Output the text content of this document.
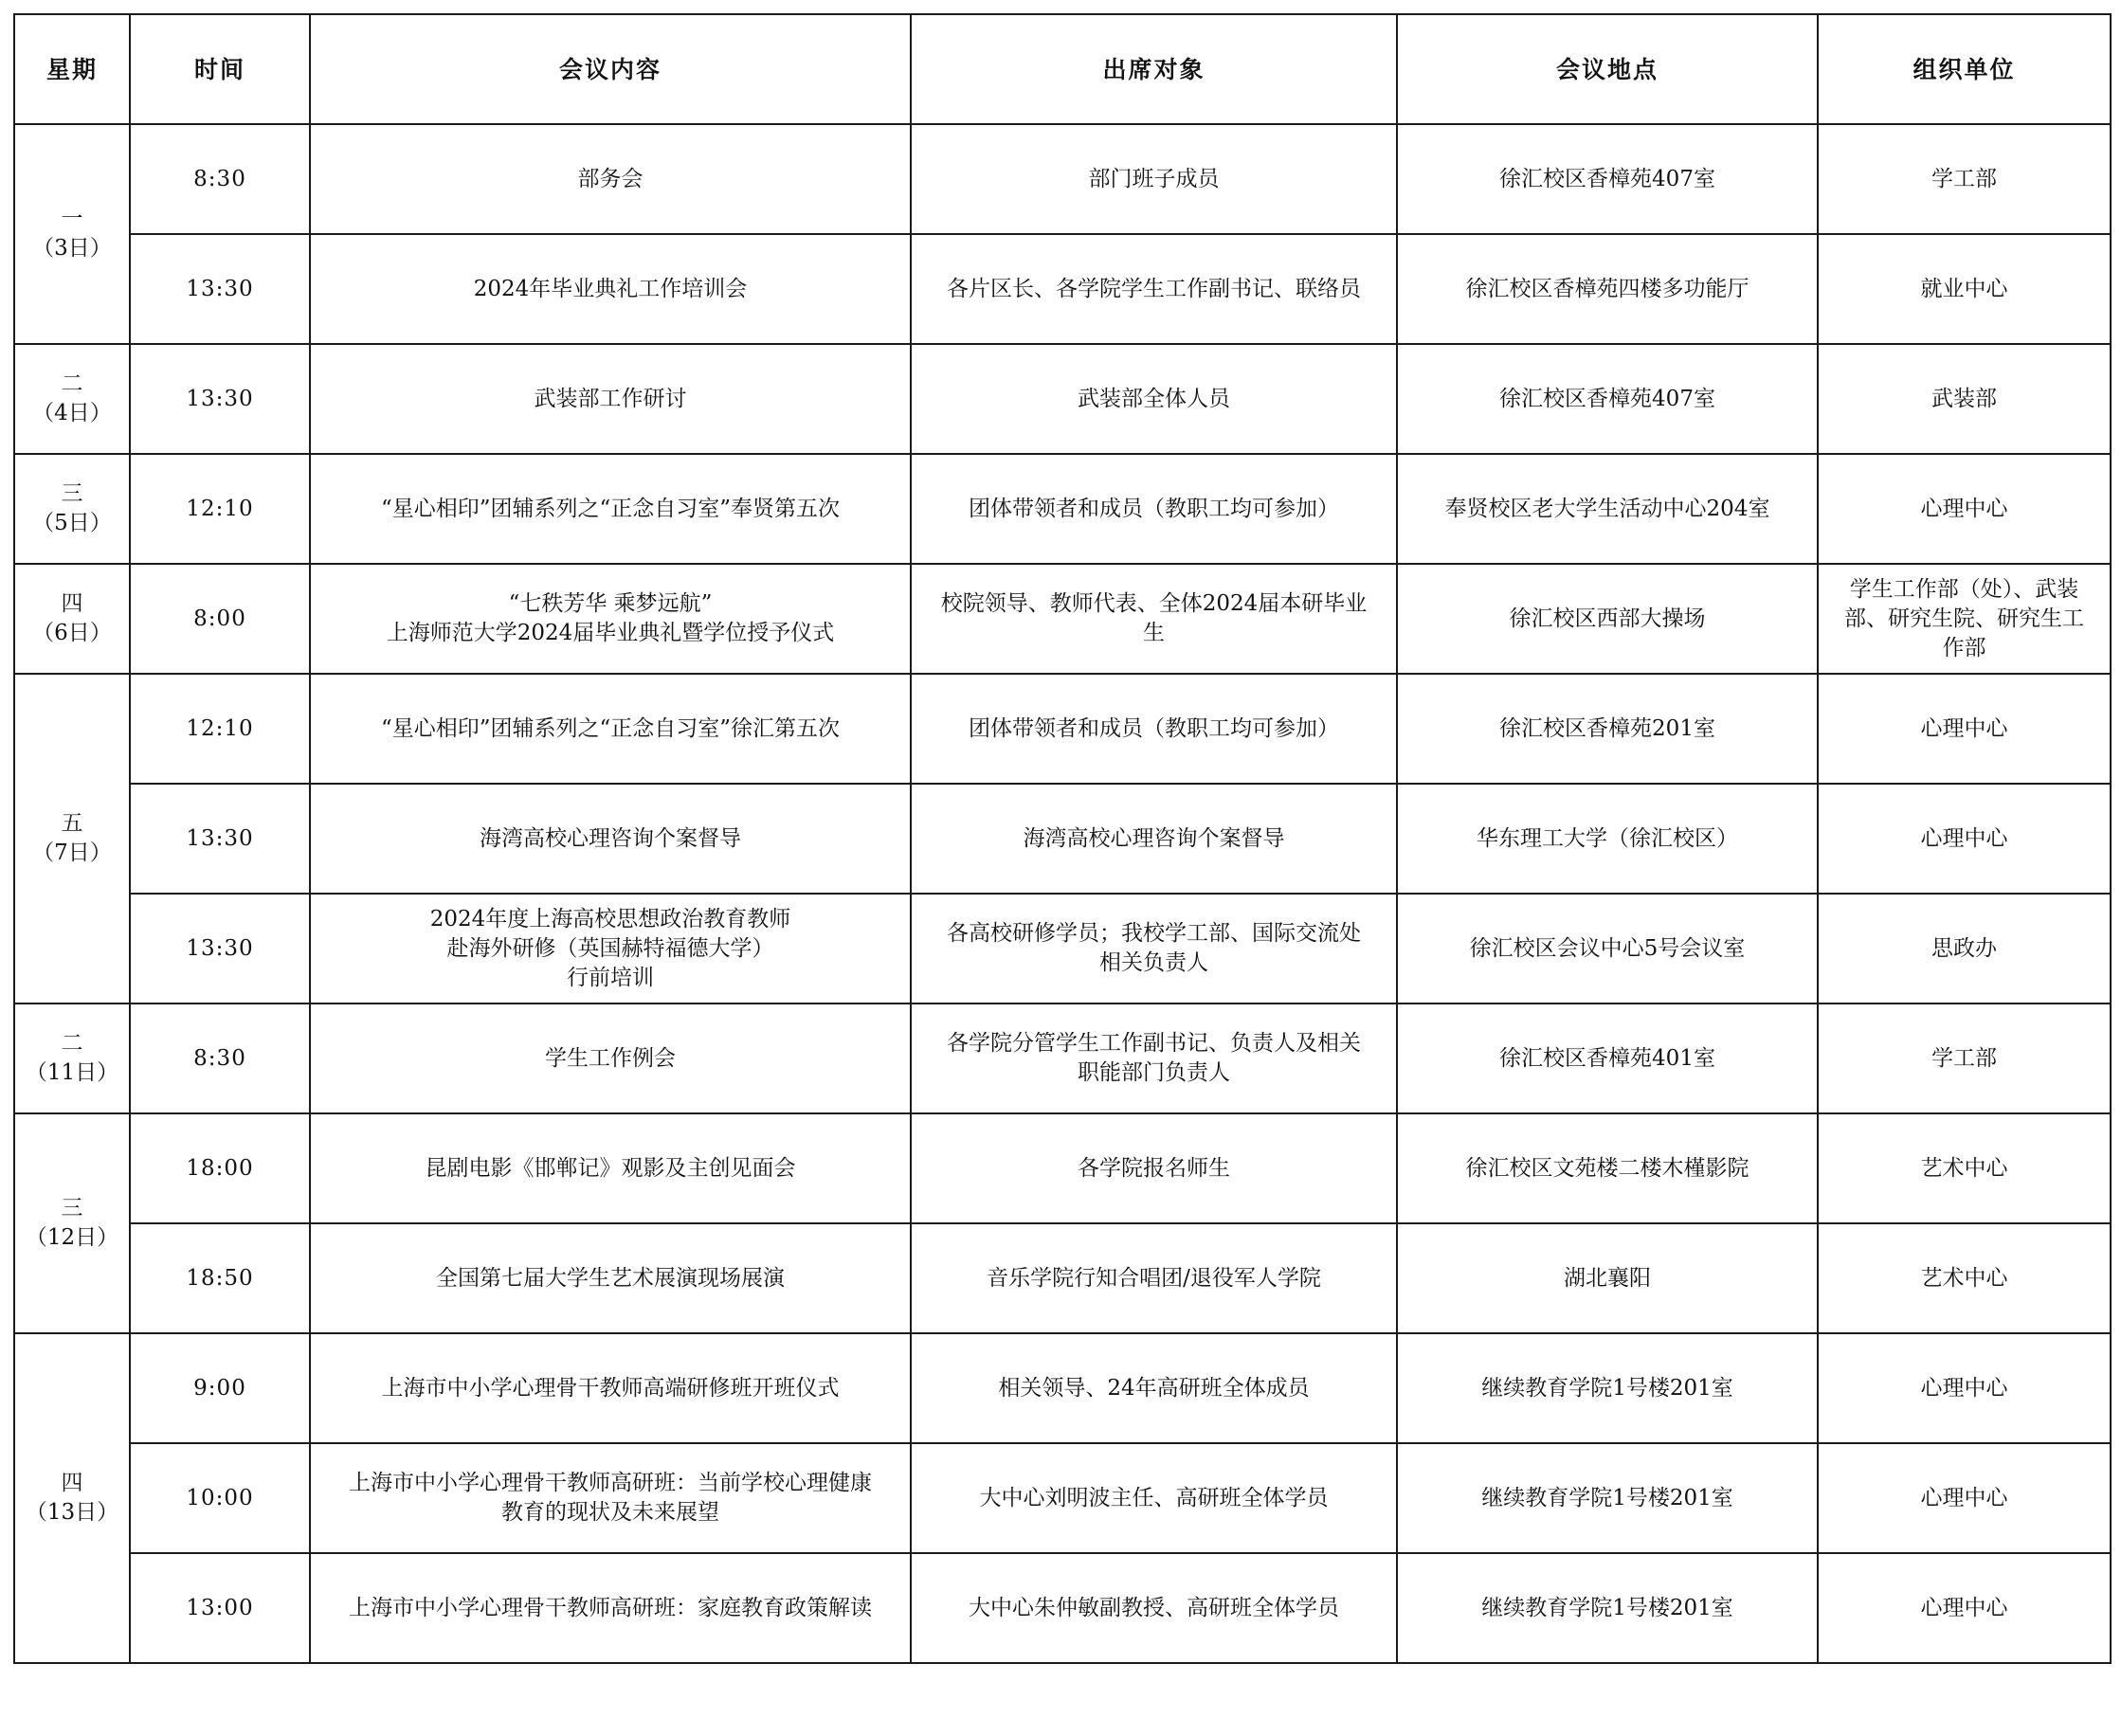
星期	时间	会议内容	出席对象	会议地点	组织单位

一
（3日）	8:30	部务会	部门班子成员	徐汇校区香樟苑407室	学工部

	13:30	2024年毕业典礼工作培训会	各片区长、各学院学生工作副书记、联络员	徐汇校区香樟苑四楼多功能厅	就业中心

二
（4日）	13:30	武装部工作研讨	武装部全体人员	徐汇校区香樟苑407室	武装部

三
（5日）	12:10	“星心相印”团辅系列之“正念自习室”奉贤第五次	团体带领者和成员（教职工均可参加）	奉贤校区老大学生活动中心204室	心理中心

四
（6日）	8:00	“七秩芳华 乘梦远航”
上海师范大学2024届毕业典礼暨学位授予仪式	校院领导、教师代表、全体2024届本研毕业
生	徐汇校区西部大操场	学生工作部（处）、武装
部、研究生院、研究生工
作部

五
（7日）	12:10	“星心相印”团辅系列之“正念自习室”徐汇第五次	团体带领者和成员（教职工均可参加）	徐汇校区香樟苑201室	心理中心

	13:30	海湾高校心理咨询个案督导	海湾高校心理咨询个案督导	华东理工大学（徐汇校区）	心理中心

	13:30	2024年度上海高校思想政治教育教师
赴海外研修（英国赫特福德大学）
行前培训	各高校研修学员；我校学工部、国际交流处
相关负责人	徐汇校区会议中心5号会议室	思政办

二
（11日）	8:30	学生工作例会	各学院分管学生工作副书记、负责人及相关
职能部门负责人	徐汇校区香樟苑401室	学工部

三
（12日）	18:00	昆剧电影《邯郸记》观影及主创见面会	各学院报名师生	徐汇校区文苑楼二楼木槿影院	艺术中心

	18:50	全国第七届大学生艺术展演现场展演	音乐学院行知合唱团/退役军人学院	湖北襄阳	艺术中心

四
（13日）	9:00	上海市中小学心理骨干教师高端研修班开班仪式	相关领导、24年高研班全体成员	继续教育学院1号楼201室	心理中心

	10:00	上海市中小学心理骨干教师高研班：当前学校心理健康
教育的现状及未来展望	大中心刘明波主任、高研班全体学员	继续教育学院1号楼201室	心理中心

	13:00	上海市中小学心理骨干教师高研班：家庭教育政策解读	大中心朱仲敏副教授、高研班全体学员	继续教育学院1号楼201室	心理中心
